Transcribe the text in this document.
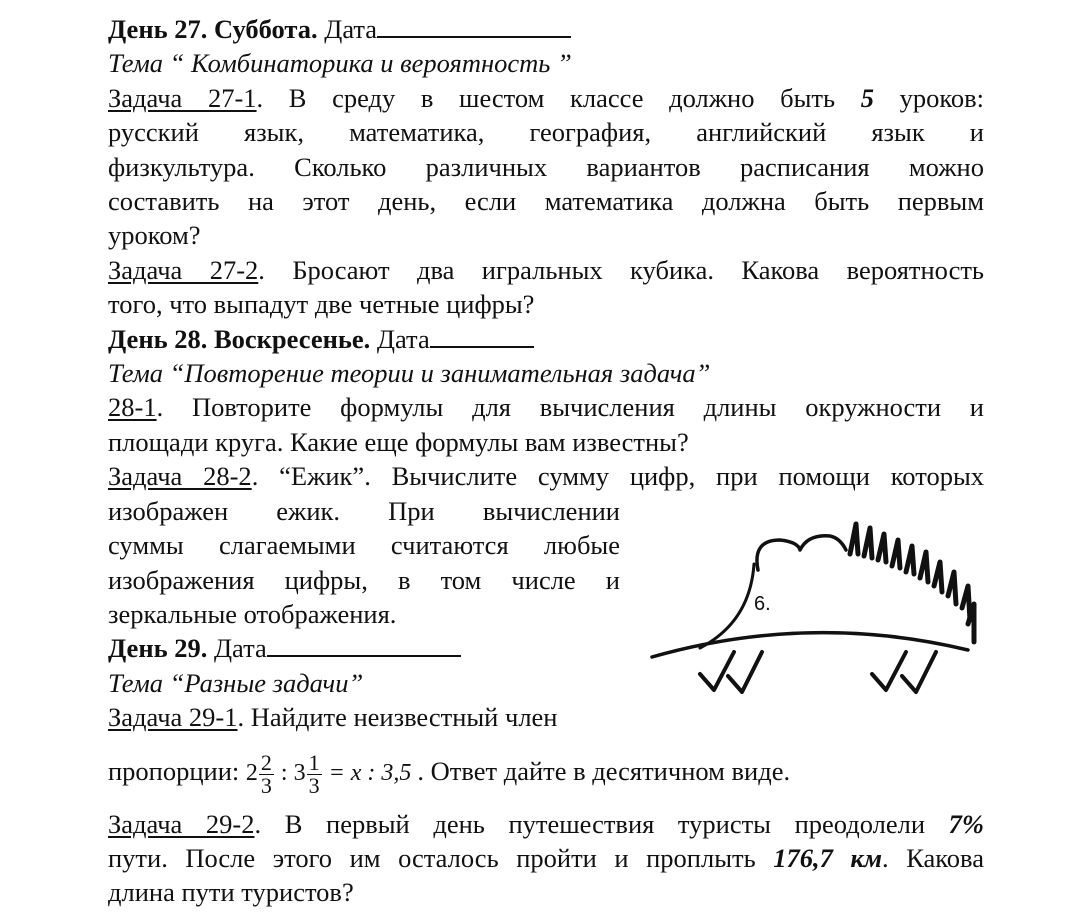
День 27. Суббота. Дата
Тема “ Комбинаторика и вероятность ”
Задача 27-1. В среду в шестом классе должно быть 5 уроков:
русский язык, математика, география, английский язык и
физкультура. Сколько различных вариантов расписания можно
составить на этот день, если математика должна быть первым
уроком?
Задача 27-2. Бросают два игральных кубика. Какова вероятность
того, что выпадут две четные цифры?
День 28. Воскресенье. Дата
Тема “Повторение теории и занимательная задача”
28-1. Повторите формулы для вычисления длины окружности и
площади круга. Какие еще формулы вам известны?
Задача 28-2. “Ежик”. Вычислите сумму цифр, при помощи которых
изображен ежик. При вычислении
суммы слагаемыми считаются любые
изображения цифры, в том числе и
зеркальные отображения.
День 29. Дата
Тема “Разные задачи”
Задача 29-1. Найдите неизвестный член
пропорции: $2 \frac{2}{3}$ : $3 \frac{1}{3} = x$ : 3,5 . Ответ дайте в десятичном виде.
Задача 29-2. В первый день путешествия туристы преодолели 7%
пути. После этого им осталось пройти и проплыть 176,7 км. Какова
длина пути туристов?
6.
